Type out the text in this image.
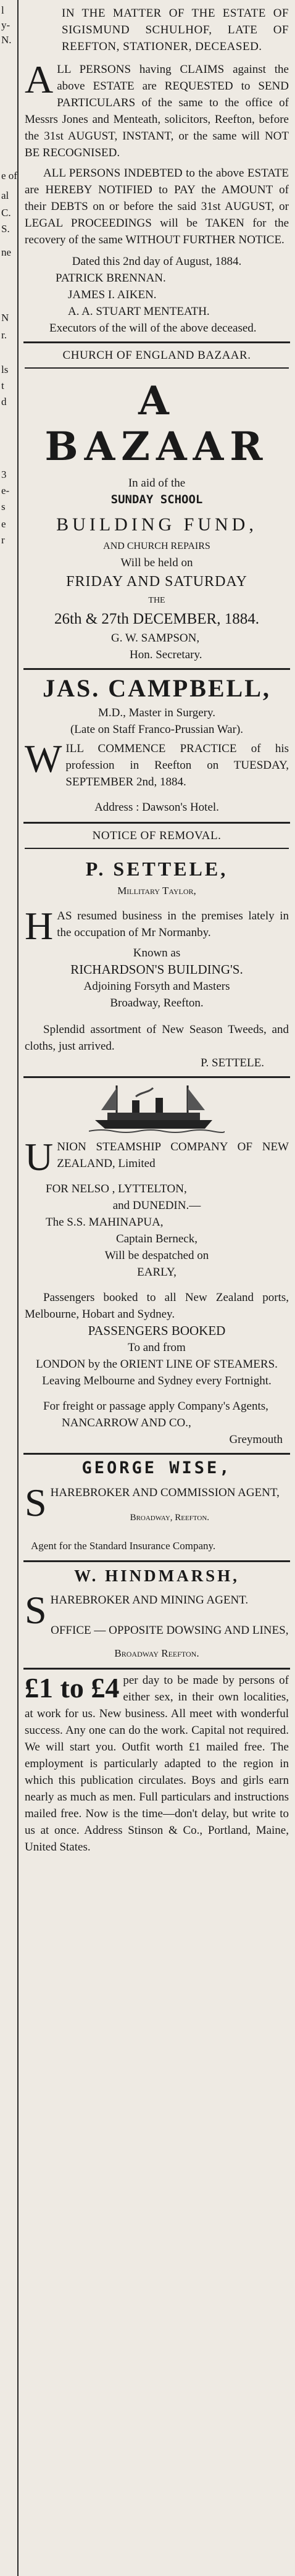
l
y-
N.
e of
al
C.
S.
ne
N
r.
ls
t
d
3
e-
s
e
r

IN THE MATTER OF THE ESTATE OF SIGISMUND SCHULHOF, LATE OF REEFTON, STATIONER, DECEASED.

ALL PERSONS having CLAIMS against the above ESTATE are REQUESTED to SEND PARTICULARS of the same to the office of Messrs Jones and Menteath, solicitors, Reefton, before the 31st AUGUST, INSTANT, or the same will NOT BE RECOGNISED.

ALL PERSONS INDEBTED to the above ESTATE are HEREBY NOTIFIED to PAY the AMOUNT of their DEBTS on or before the said 31st AUGUST, or LEGAL PROCEEDINGS will be TAKEN for the recovery of the same WITHOUT FURTHER NOTICE.

Dated this 2nd day of August, 1884.

PATRICK BRENNAN.

JAMES I. AIKEN.

A. A. STUART MENTEATH.

Executors of the will of the above deceased.

CHURCH OF ENGLAND BAZAAR.

A BAZAAR

In aid of the

SUNDAY SCHOOL

BUILDING FUND,

AND CHURCH REPAIRS

Will be held on

FRIDAY AND SATURDAY

THE

26th & 27th DECEMBER, 1884.

G. W. SAMPSON,

Hon. Secretary.

JAS. CAMPBELL,

M.D., Master in Surgery.

(Late on Staff Franco-Prussian War).

WILL COMMENCE PRACTICE of his profession in Reefton on TUESDAY, SEPTEMBER 2nd, 1884.

Address : Dawson's Hotel.

NOTICE OF REMOVAL.

P. SETTELE,

Millitary Taylor,

HAS resumed business in the premises lately in the occupation of Mr Normanby.

Known as

RICHARDSON'S BUILDING'S.

Adjoining Forsyth and Masters

Broadway, Reefton.

Splendid assortment of New Season Tweeds, and cloths, just arrived.

P. SETTELE.

UNION STEAMSHIP COMPANY OF NEW ZEALAND, Limited

FOR NELSO , LYTTELTON,

and DUNEDIN.—

The S.S. MAHINAPUA,

Captain Berneck,

Will be despatched on

EARLY,

Passengers booked to all New Zealand ports, Melbourne, Hobart and Sydney.

PASSENGERS BOOKED

To and from

LONDON by the ORIENT LINE OF STEAMERS.

Leaving Melbourne and Sydney every Fortnight.

For freight or passage apply Company's Agents,

NANCARROW AND CO.,

Greymouth

GEORGE WISE,

SHAREBROKER AND COMMISSION AGENT,

Broadway, Reefton.

Agent for the Standard Insurance Company.

W. HINDMARSH,

SHAREBROKER AND MINING AGENT.

OFFICE — OPPOSITE DOWSING AND LINES,

Broadway Reefton.

£1 to £4 per day to be made by persons of either sex, in their own localities, at work for us. New business. All meet with wonderful success. Any one can do the work. Capital not required. We will start you. Outfit worth £1 mailed free. The employment is particularly adapted to the region in which this publication circulates. Boys and girls earn nearly as much as men. Full particulars and instructions mailed free. Now is the time—don't delay, but write to us at once. Address Stinson & Co., Portland, Maine, United States.
